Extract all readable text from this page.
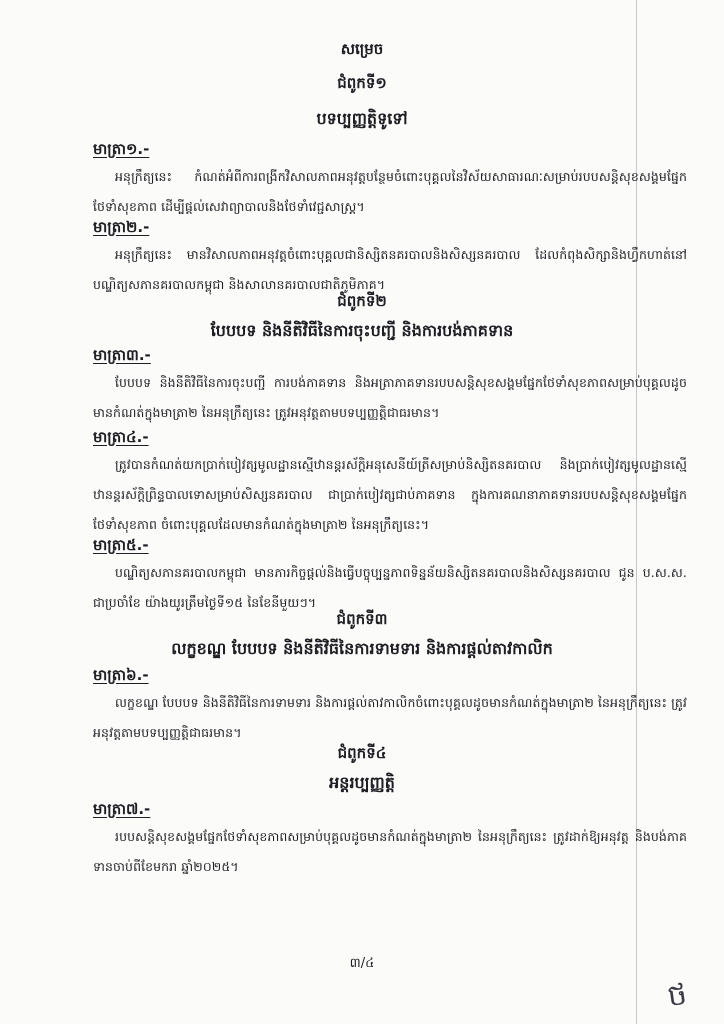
សម្រេច
ជំពូកទី១
បទប្បញ្ញត្តិទូទៅ
មាត្រា១.-
អនុក្រឹត្យនេះ កំណត់អំពីការពង្រីកវិសាលភាពអនុវត្តបន្ថែមចំពោះបុគ្គលនៃវិស័យសាធារណៈសម្រាប់របបសន្តិសុខសង្គមផ្នែកថែទាំសុខភាព ដើម្បីផ្តល់សេវាព្យាបាលនិងថែទាំវេជ្ជសាស្ត្រ។
មាត្រា២.-
អនុក្រឹត្យនេះ មានវិសាលភាពអនុវត្តចំពោះបុគ្គលជានិស្សិតនគរបាលនិងសិស្សនគរបាល ដែលកំពុងសិក្សានិងហ្វឹកហាត់នៅបណ្ឌិត្យសភានគរបាលកម្ពុជា និងសាលានគរបាលជាតិភូមិភាគ។
ជំពូកទី២
បែបបទ និងនីតិវិធីនៃការចុះបញ្ជី និងការបង់ភាគទាន
មាត្រា៣.-
បែបបទ និងនីតិវិធីនៃការចុះបញ្ជី ការបង់ភាគទាន និងអត្រាភាគទានរបបសន្តិសុខសង្គមផ្នែកថែទាំសុខភាពសម្រាប់បុគ្គលដូចមានកំណត់ក្នុងមាត្រា២ នៃអនុក្រឹត្យនេះ ត្រូវអនុវត្តតាមបទប្បញ្ញត្តិជាធរមាន។
មាត្រា៤.-
ត្រូវបានកំណត់យកប្រាក់បៀវត្សមូលដ្ឋានស្មើឋានន្តរស័ក្តិអនុសេនីយ៍ត្រីសម្រាប់និស្សិតនគរបាល និងប្រាក់បៀវត្សមូលដ្ឋានស្មើឋានន្តរស័ក្តិព្រិន្ទបាលទោសម្រាប់សិស្សនគរបាល ជាប្រាក់បៀវត្សជាប់ភាគទាន ក្នុងការគណនាភាគទានរបបសន្តិសុខសង្គមផ្នែកថែទាំសុខភាព ចំពោះបុគ្គលដែលមានកំណត់ក្នុងមាត្រា២ នៃអនុក្រឹត្យនេះ។
មាត្រា៥.-
បណ្ឌិត្យសភានគរបាលកម្ពុជា មានភារកិច្ចផ្តល់និងធ្វើបច្ចុប្បន្នភាពទិន្នន័យនិស្សិតនគរបាលនិងសិស្សនគរបាល ជូន ប.ស.ស. ជាប្រចាំខែ យ៉ាងយូរត្រឹមថ្ងៃទី១៥ នៃខែនីមួយៗ។
ជំពូកទី៣
លក្ខខណ្ឌ បែបបទ និងនីតិវិធីនៃការទាមទារ និងការផ្តល់តាវកាលិក
មាត្រា៦.-
លក្ខខណ្ឌ បែបបទ និងនីតិវិធីនៃការទាមទារ និងការផ្តល់តាវកាលិកចំពោះបុគ្គលដូចមានកំណត់ក្នុងមាត្រា២ នៃអនុក្រឹត្យនេះ ត្រូវអនុវត្តតាមបទប្បញ្ញត្តិជាធរមាន។
ជំពូកទី៤
អន្តរប្បញ្ញត្តិ
មាត្រា៧.-
របបសន្តិសុខសង្គមផ្នែកថែទាំសុខភាពសម្រាប់បុគ្គលដូចមានកំណត់ក្នុងមាត្រា២ នៃអនុក្រឹត្យនេះ ត្រូវដាក់ឱ្យអនុវត្ត និងបង់ភាគទានចាប់ពីខែមករា ឆ្នាំ២០២៥។
៣/៤
ថ
